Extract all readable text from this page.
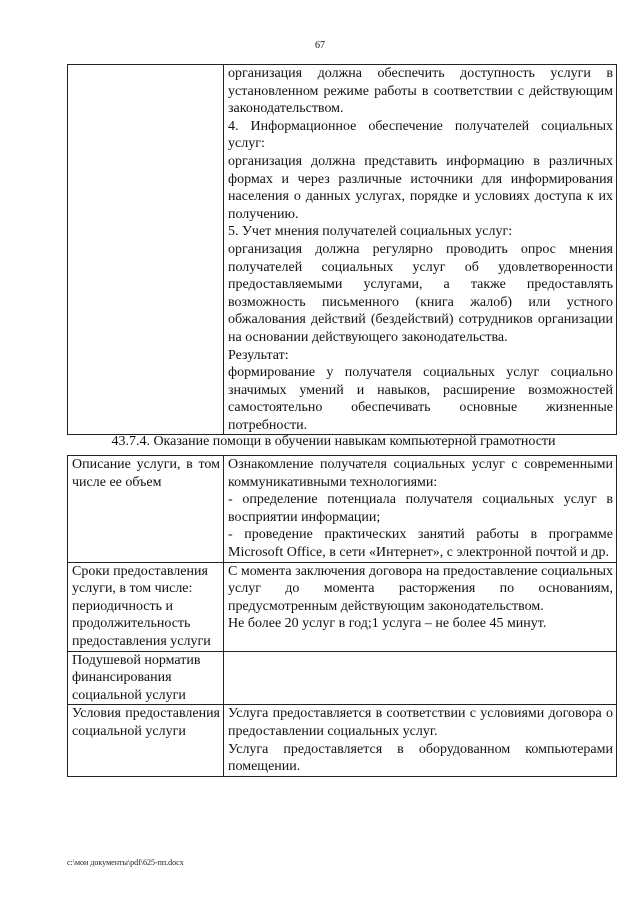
67

организация должна обеспечить доступность услуги в установленном режиме работы в соответствии с действующим законодательством.
4. Информационное обеспечение получателей социальных услуг:
организация должна представить информацию в различных формах и через различные источники для информирования населения о данных услугах, порядке и условиях доступа к их получению.
5. Учет мнения получателей социальных услуг:
организация должна регулярно проводить опрос мнения получателей социальных услуг об удовлетворенности предоставляемыми услугами, а также предоставлять возможность письменного (книга жалоб) или устного обжалования действий (бездействий) сотрудников организации на основании действующего законодательства.
Результат:
формирование у получателя социальных услуг социально значимых умений и навыков, расширение возможностей самостоятельно обеспечивать основные жизненные потребности.
43.7.4. Оказание помощи в обучении навыкам компьютерной грамотности
Описание услуги, в том числе ее объем	Ознакомление получателя социальных услуг с современными коммуникативными технологиями:
- определение потенциала получателя социальных услуг в восприятии информации;
- проведение практических занятий работы в программе Microsoft Office, в сети «Интернет», с электронной почтой и др.

Сроки предоставления услуги, в том числе: периодичность и продолжительность предоставления услуги	С момента заключения договора на предоставление социальных услуг до момента расторжения по основаниям, предусмотренным действующим законодательством.
Не более 20 услуг в год;1 услуга – не более 45 минут.

Подушевой норматив финансирования социальной услуги	
Условия предоставления социальной услуги	Услуга предоставляется в соответствии с условиями договора о предоставлении социальных услуг.
Услуга предоставляется в оборудованном компьютерами помещении.
c:\мои документы\pdf\625-пп.docx
